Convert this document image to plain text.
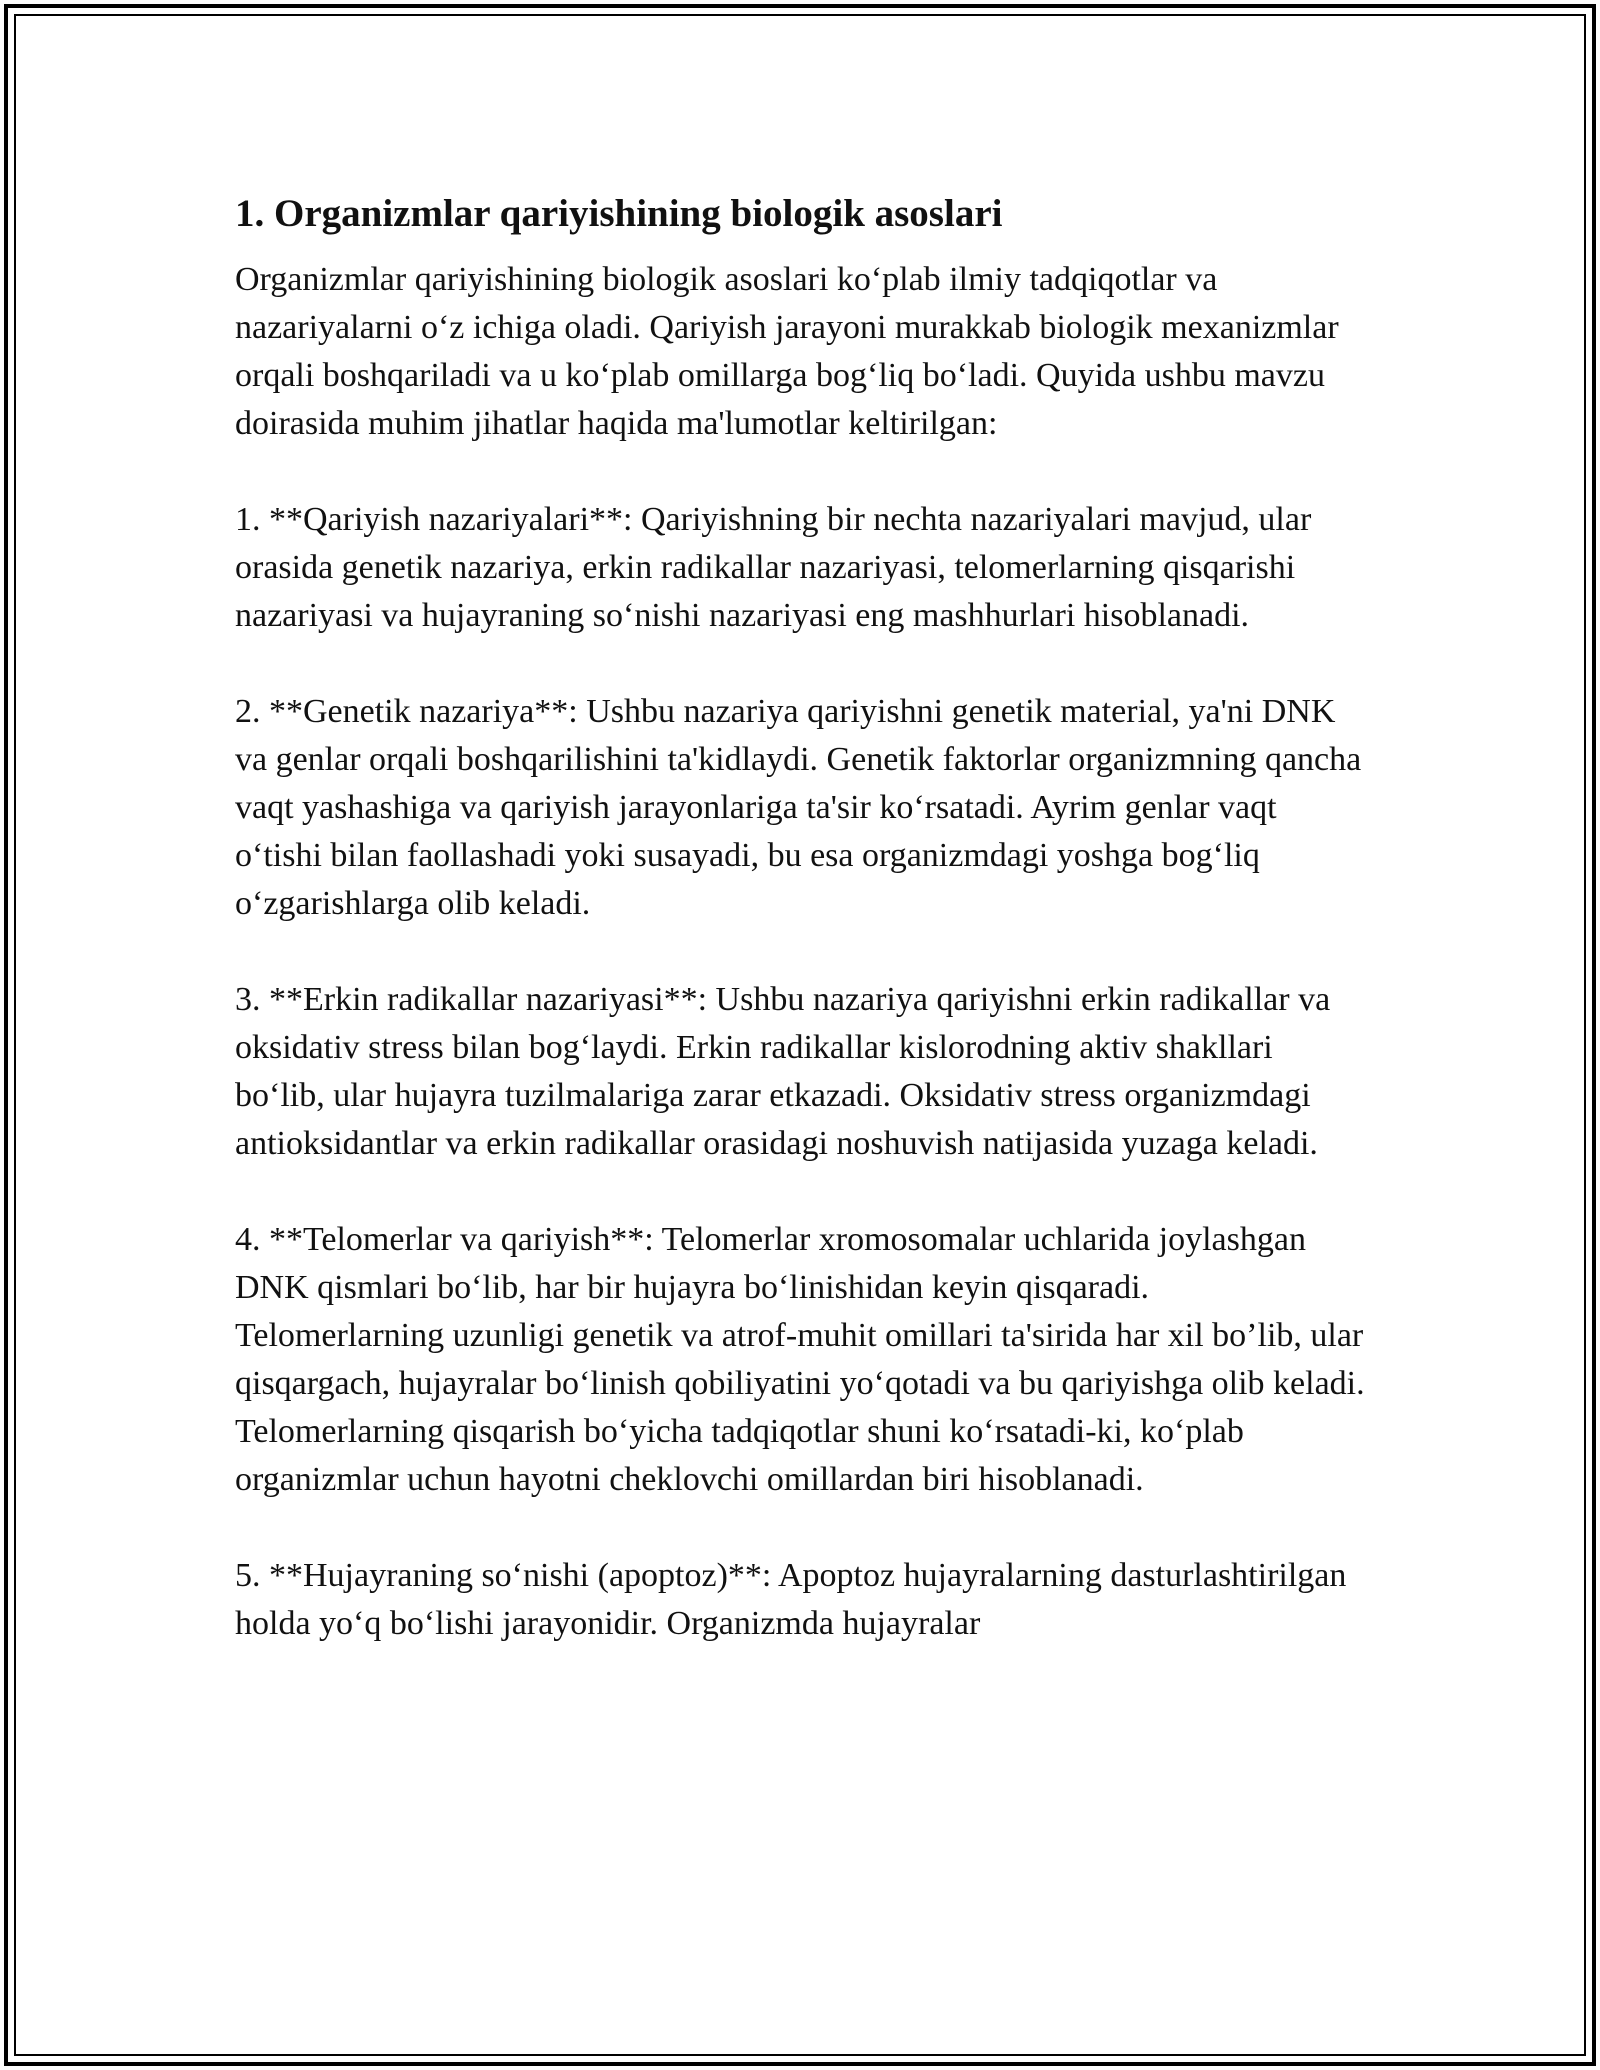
1. Organizmlar qariyishining biologik asoslari

Organizmlar qariyishining biologik asoslari ko‘plab ilmiy tadqiqotlar va nazariyalarni o‘z ichiga oladi. Qariyish jarayoni murakkab biologik mexanizmlar orqali boshqariladi va u ko‘plab omillarga bog‘liq bo‘ladi. Quyida ushbu mavzu doirasida muhim jihatlar haqida ma'lumotlar keltirilgan:

1. **Qariyish nazariyalari**: Qariyishning bir nechta nazariyalari mavjud, ular orasida genetik nazariya, erkin radikallar nazariyasi, telomerlarning qisqarishi nazariyasi va hujayraning so‘nishi nazariyasi eng mashhurlari hisoblanadi.

2. **Genetik nazariya**: Ushbu nazariya qariyishni genetik material, ya'ni DNK va genlar orqali boshqarilishini ta'kidlaydi. Genetik faktorlar organizmning qancha vaqt yashashiga va qariyish jarayonlariga ta'sir ko‘rsatadi. Ayrim genlar vaqt o‘tishi bilan faollashadi yoki susayadi, bu esa organizmdagi yoshga bog‘liq o‘zgarishlarga olib keladi.

3. **Erkin radikallar nazariyasi**: Ushbu nazariya qariyishni erkin radikallar va oksidativ stress bilan bog‘laydi. Erkin radikallar kislorodning aktiv shakllari bo‘lib, ular hujayra tuzilmalariga zarar etkazadi. Oksidativ stress organizmdagi antioksidantlar va erkin radikallar orasidagi noshuvish natijasida yuzaga keladi.

4. **Telomerlar va qariyish**: Telomerlar xromosomalar uchlarida joylashgan DNK qismlari bo‘lib, har bir hujayra bo‘linishidan keyin qisqaradi. Telomerlarning uzunligi genetik va atrof-muhit omillari ta'sirida har xil bo’lib, ular qisqargach, hujayralar bo‘linish qobiliyatini yo‘qotadi va bu qariyishga olib keladi. Telomerlarning qisqarish bo‘yicha tadqiqotlar shuni ko‘rsatadi-ki, ko‘plab organizmlar uchun hayotni cheklovchi omillardan biri hisoblanadi.

5. **Hujayraning so‘nishi (apoptoz)**: Apoptoz hujayralarning dasturlashtirilgan holda yo‘q bo‘lishi jarayonidir. Organizmda hujayralar
